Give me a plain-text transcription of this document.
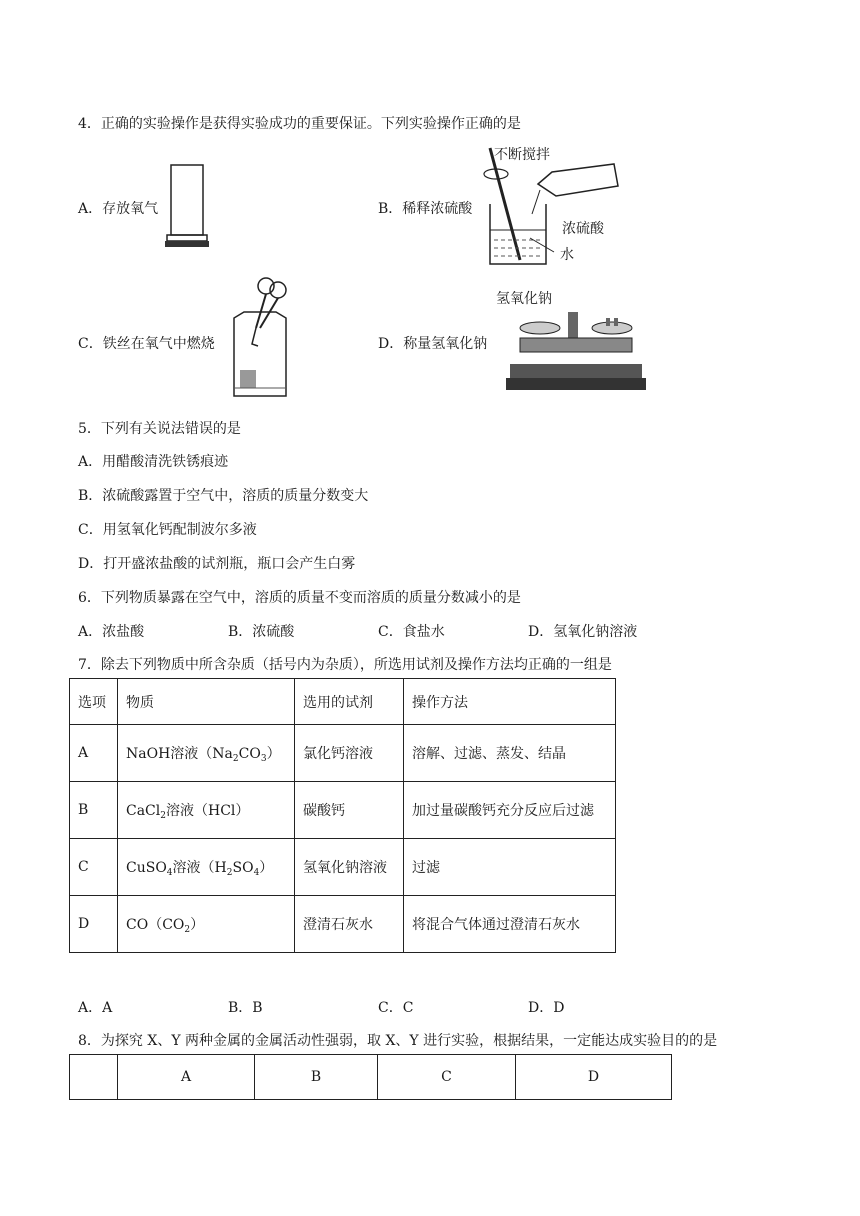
4．正确的实验操作是获得实验成功的重要保证。下列实验操作正确的是
A．存放氧气	B．稀释浓硫酸
不断搅拌
浓硫酸
水
C．铁丝在氧气中燃烧	D．称量氢氧化钠
氢氧化钠
5．下列有关说法错误的是
A．用醋酸清洗铁锈痕迹
B．浓硫酸露置于空气中，溶质的质量分数变大
C．用氢氧化钙配制波尔多液
D．打开盛浓盐酸的试剂瓶，瓶口会产生白雾
6．下列物质暴露在空气中，溶质的质量不变而溶质的质量分数减小的是
A．浓盐酸	B．浓硫酸	C．食盐水	D．氢氧化钠溶液
7．除去下列物质中所含杂质（括号内为杂质），所选用试剂及操作方法均正确的一组是
选项	物质	选用的试剂	操作方法
A	NaOH溶液$(Na_2CO_3)$	氯化钙溶液	溶解、过滤、蒸发、结晶
B	CaCl$_2$溶液（HCl）	碳酸钙	加过量碳酸钙充分反应后过滤
C	CuSO$_4$溶液$(H_2SO_4)$	氢氧化钠溶液	过滤
D	$CO(CO_2)$	澄清石灰水	将混合气体通过澄清石灰水
A．A	B．B	C．C	D．D
8．为探究 X、Y 两种金属的金属活动性强弱，取 X、Y 进行实验，根据结果，一定能达成实验目的的是
	A	B	C	D
